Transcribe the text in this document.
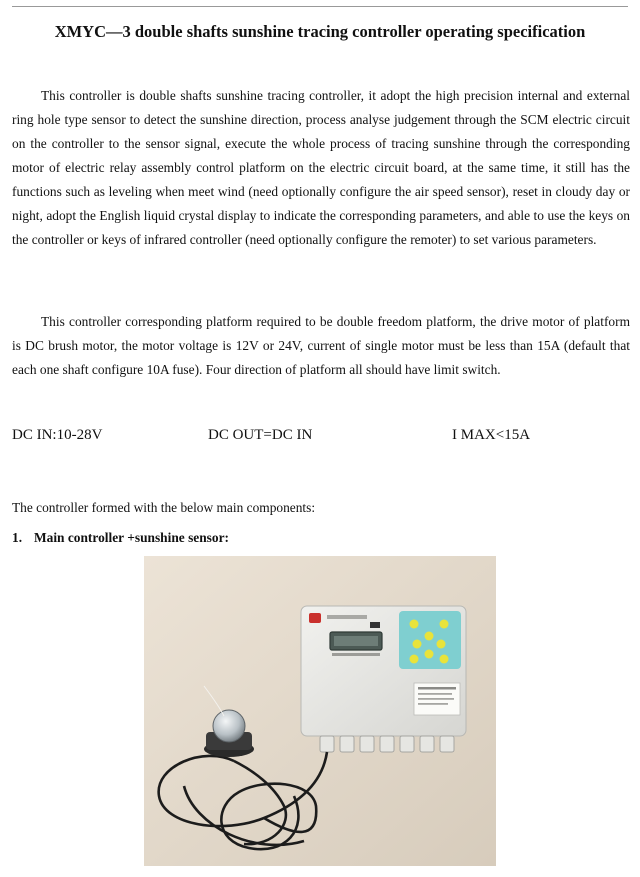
XMYC—3 double shafts sunshine tracing controller operating specification

This controller is double shafts sunshine tracing controller, it adopt the high precision internal and external ring hole type sensor to detect the sunshine direction, process analyse judgement through the SCM electric circuit on the controller to the sensor signal, execute the whole process of tracing sunshine through the corresponding motor of electric relay assembly control platform on the electric circuit board, at the same time, it still has the functions such as leveling when meet wind (need optionally configure the air speed sensor), reset in cloudy day or night, adopt the English liquid crystal display to indicate the corresponding parameters, and able to use the keys on the controller or keys of infrared controller (need optionally configure the remoter) to set various parameters.

This controller corresponding platform required to be double freedom platform, the drive motor of platform is DC brush motor, the motor voltage is 12V or 24V, current of single motor must be less than 15A (default that each one shaft configure 10A fuse). Four direction of platform all should have limit switch.

DC IN:10-28V	DC OUT=DC IN	I MAX<15A
The controller formed with the below main components:
1. Main controller +sunshine sensor:
